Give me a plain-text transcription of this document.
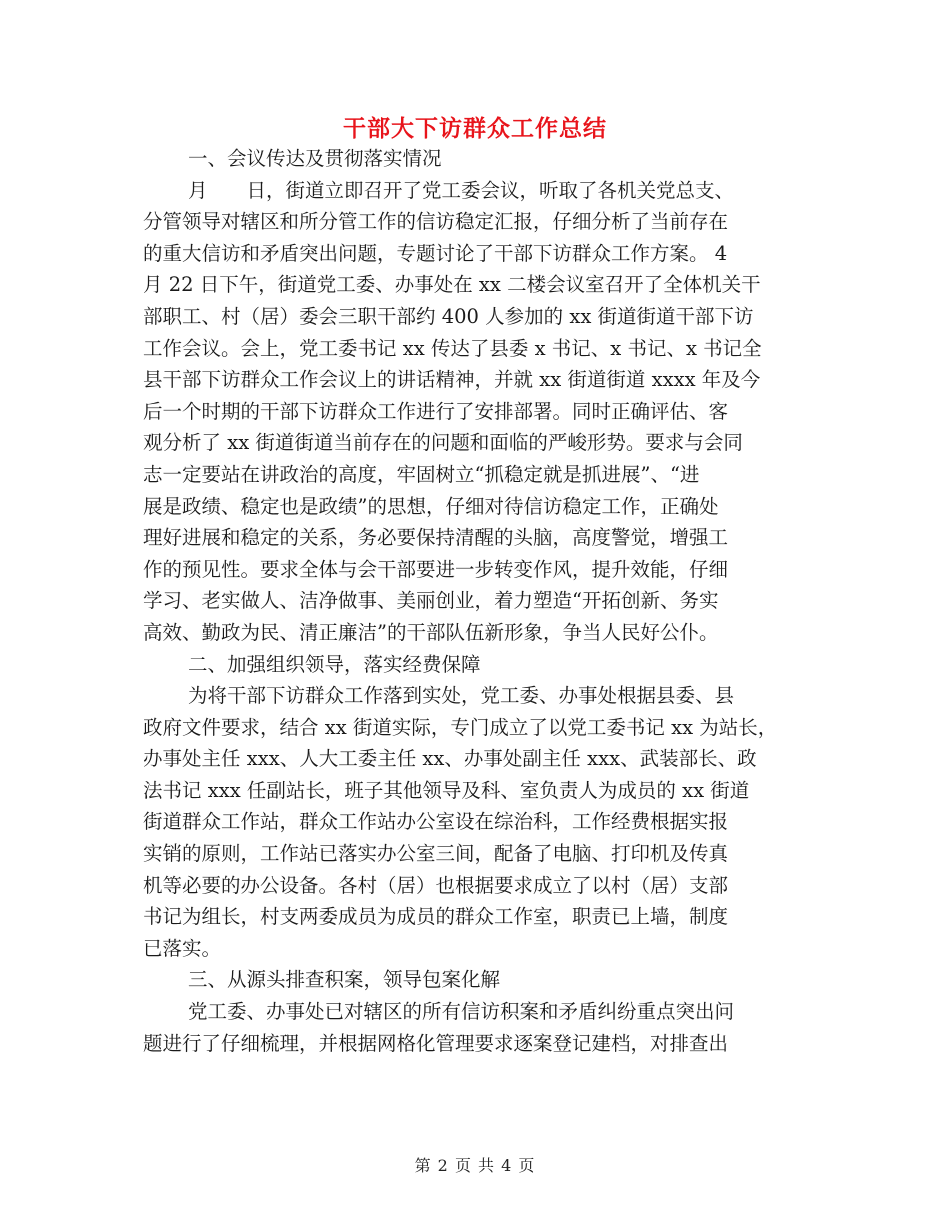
干部大下访群众工作总结
一、会议传达及贯彻落实情况
月　　日，街道立即召开了党工委会议，听取了各机关党总支、
分管领导对辖区和所分管工作的信访稳定汇报，仔细分析了当前存在
的重大信访和矛盾突出问题，专题讨论了干部下访群众工作方案。 4
月 22 日下午，街道党工委、办事处在 xx 二楼会议室召开了全体机关干
部职工、村（居）委会三职干部约 400 人参加的 xx 街道街道干部下访
工作会议。会上，党工委书记 xx 传达了县委 x 书记、x 书记、x 书记全
县干部下访群众工作会议上的讲话精神，并就 xx 街道街道 xxxx 年及今
后一个时期的干部下访群众工作进行了安排部署。同时正确评估、客
观分析了 xx 街道街道当前存在的问题和面临的严峻形势。要求与会同
志一定要站在讲政治的高度，牢固树立“抓稳定就是抓进展”、“进
展是政绩、稳定也是政绩”的思想，仔细对待信访稳定工作，正确处
理好进展和稳定的关系，务必要保持清醒的头脑，高度警觉，增强工
作的预见性。要求全体与会干部要进一步转变作风，提升效能，仔细
学习、老实做人、洁净做事、美丽创业，着力塑造“开拓创新、务实
高效、勤政为民、清正廉洁”的干部队伍新形象，争当人民好公仆。
二、加强组织领导，落实经费保障
为将干部下访群众工作落到实处，党工委、办事处根据县委、县
政府文件要求，结合 xx 街道实际，专门成立了以党工委书记 xx 为站长，
办事处主任 xxx、人大工委主任 xx、办事处副主任 xxx、武装部长、政
法书记 xxx 任副站长，班子其他领导及科、室负责人为成员的 xx 街道
街道群众工作站，群众工作站办公室设在综治科，工作经费根据实报
实销的原则，工作站已落实办公室三间，配备了电脑、打印机及传真
机等必要的办公设备。各村（居）也根据要求成立了以村（居）支部
书记为组长，村支两委成员为成员的群众工作室，职责已上墙，制度
已落实。
三、从源头排查积案，领导包案化解
党工委、办事处已对辖区的所有信访积案和矛盾纠纷重点突出问
题进行了仔细梳理，并根据网格化管理要求逐案登记建档，对排查出
第 2 页 共 4 页
